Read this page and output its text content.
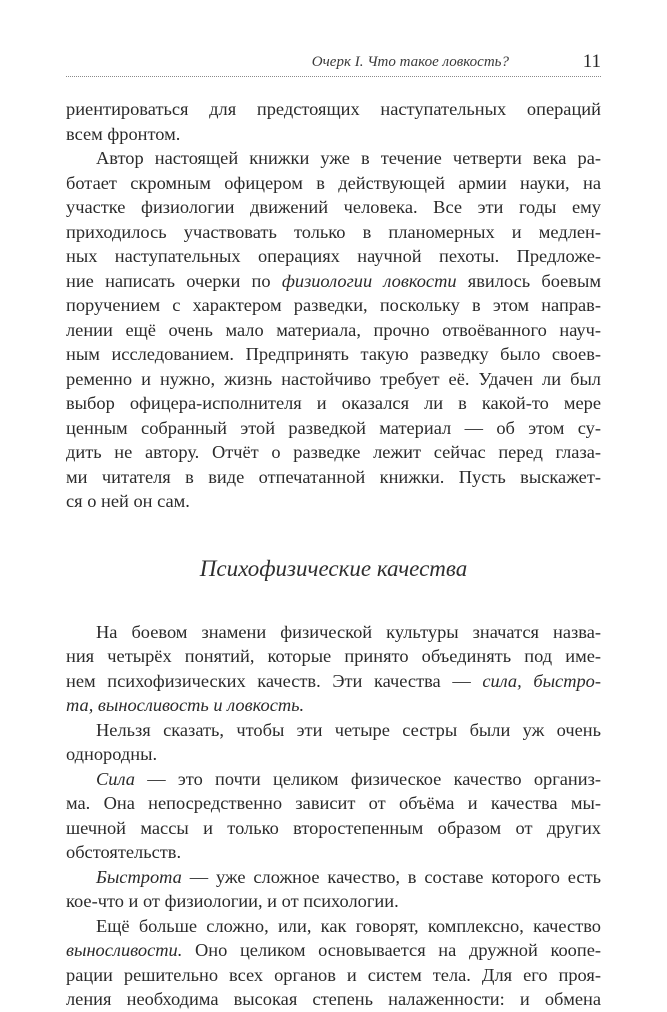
Очерк I. Что такое ловкость?	11

риентироваться для предстоящих наступательных операций
всем фронтом.

Автор настоящей книжки уже в течение четверти века ра-
ботает скромным офицером в действующей армии науки, на
участке физиологии движений человека. Все эти годы ему
приходилось участвовать только в планомерных и медлен-
ных наступательных операциях научной пехоты. Предложе-
ние написать очерки по физиологии ловкости явилось боевым
поручением с характером разведки, поскольку в этом направ-
лении ещё очень мало материала, прочно отвоёванного науч-
ным исследованием. Предпринять такую разведку было своев-
ременно и нужно, жизнь настойчиво требует её. Удачен ли был
выбор офицера-исполнителя и оказался ли в какой-то мере
ценным собранный этой разведкой материал — об этом су-
дить не автору. Отчёт о разведке лежит сейчас перед глаза-
ми читателя в виде отпечатанной книжки. Пусть выскажет-
ся о ней он сам.

Психофизические качества

На боевом знамени физической культуры значатся назва-
ния четырёх понятий, которые принято объединять под име-
нем психофизических качеств. Эти качества — сила, быстро-
та, выносливость и ловкость.

Нельзя сказать, чтобы эти четыре сестры были уж очень
однородны.

Сила — это почти целиком физическое качество организ-
ма. Она непосредственно зависит от объёма и качества мы-
шечной массы и только второстепенным образом от других
обстоятельств.

Быстрота — уже сложное качество, в составе которого есть
кое-что и от физиологии, и от психологии.

Ещё больше сложно, или, как говорят, комплексно, качество
выносливости. Оно целиком основывается на дружной коопе-
рации решительно всех органов и систем тела. Для его проя-
ления необходима высокая степень налаженности: и обмена
